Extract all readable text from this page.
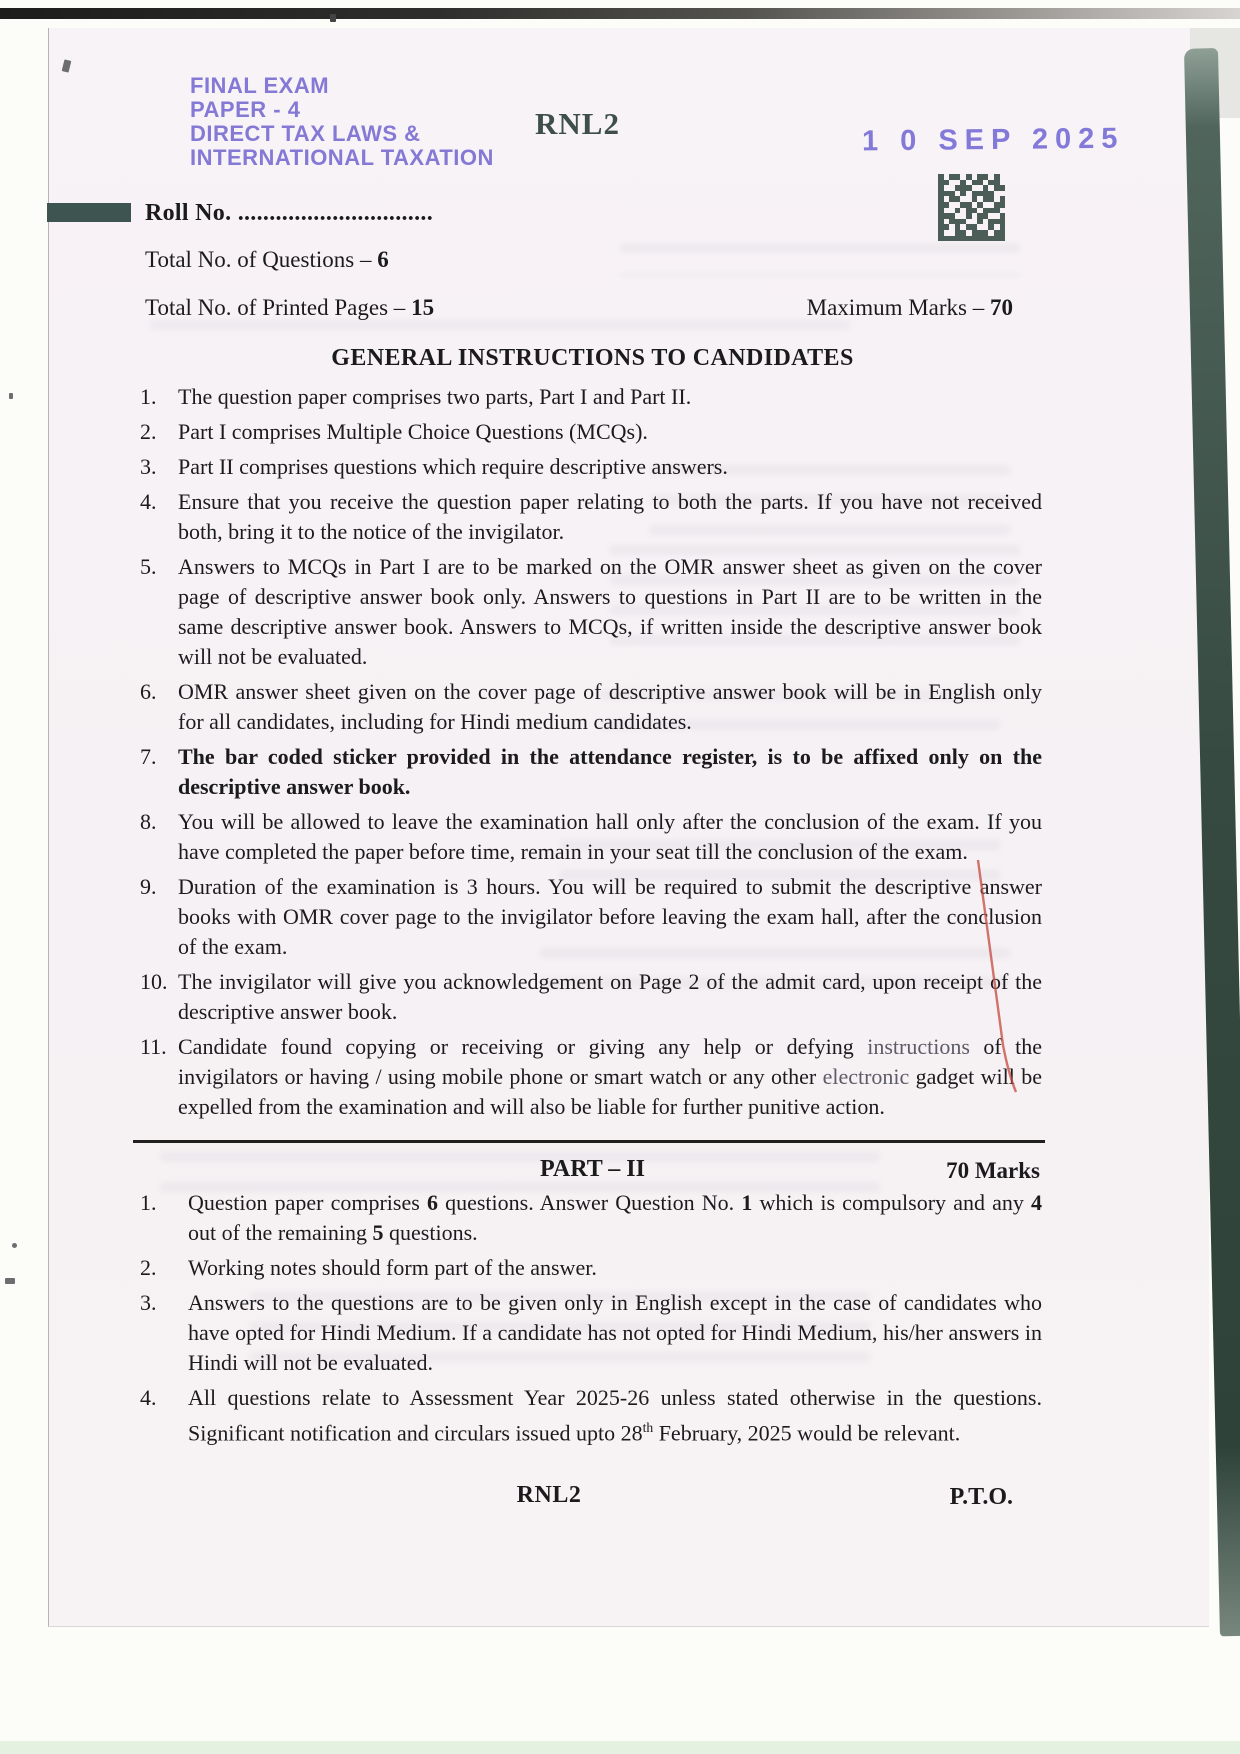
FINAL EXAM
PAPER - 4
DIRECT TAX LAWS &
INTERNATIONAL TAXATION
RNL2	1 0 SEP 2025
Roll No. ...............................
Total No. of Questions – 6
Total No. of Printed Pages – 15	Maximum Marks – 70
GENERAL INSTRUCTIONS TO CANDIDATES
1. The question paper comprises two parts, Part I and Part II.
2. Part I comprises Multiple Choice Questions (MCQs).
3. Part II comprises questions which require descriptive answers.
4. Ensure that you receive the question paper relating to both the parts. If you have not received both, bring it to the notice of the invigilator.
5. Answers to MCQs in Part I are to be marked on the OMR answer sheet as given on the cover page of descriptive answer book only. Answers to questions in Part II are to be written in the same descriptive answer book. Answers to MCQs, if written inside the descriptive answer book will not be evaluated.
6. OMR answer sheet given on the cover page of descriptive answer book will be in English only for all candidates, including for Hindi medium candidates.
7. The bar coded sticker provided in the attendance register, is to be affixed only on the descriptive answer book.
8. You will be allowed to leave the examination hall only after the conclusion of the exam. If you have completed the paper before time, remain in your seat till the conclusion of the exam.
9. Duration of the examination is 3 hours. You will be required to submit the descriptive answer books with OMR cover page to the invigilator before leaving the exam hall, after the conclusion of the exam.
10. The invigilator will give you acknowledgement on Page 2 of the admit card, upon receipt of the descriptive answer book.
11. Candidate found copying or receiving or giving any help or defying instructions of the invigilators or having / using mobile phone or smart watch or any other electronic gadget will be expelled from the examination and will also be liable for further punitive action.
PART – II	70 Marks
1.	Question paper comprises 6 questions. Answer Question No. 1 which is compulsory and any 4 out of the remaining 5 questions.
2.	Working notes should form part of the answer.
3.	Answers to the questions are to be given only in English except in the case of candidates who have opted for Hindi Medium. If a candidate has not opted for Hindi Medium, his/her answers in Hindi will not be evaluated.
4.	All questions relate to Assessment Year 2025-26 unless stated otherwise in the questions. Significant notification and circulars issued upto 28th February, 2025 would be relevant.
RNL2	P.T.O.
